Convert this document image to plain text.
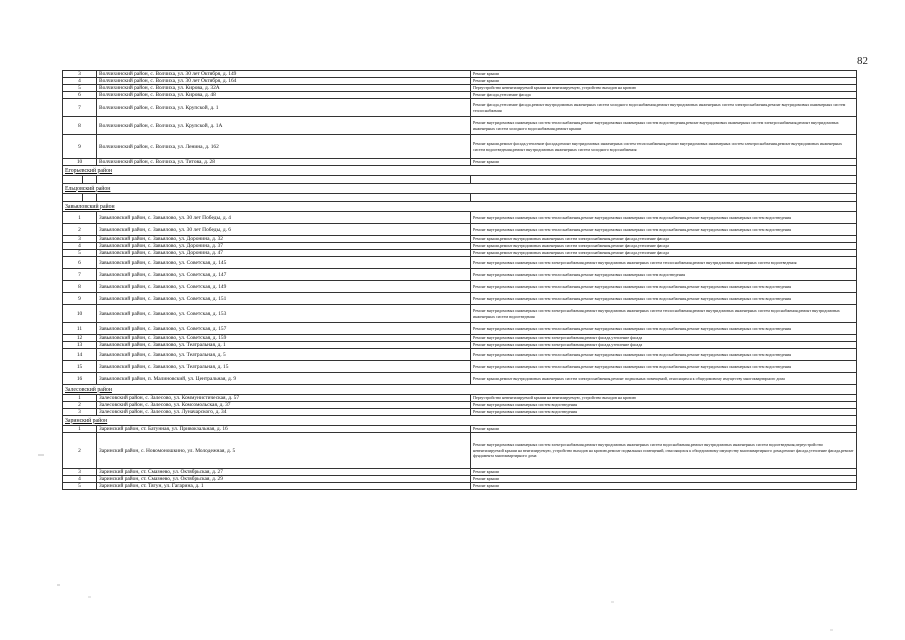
82
3		Волчихинский район, с. Волчиха, ул. 30 лет Октября, д. 149	Ремонт крыши
4		Волчихинский район, с. Волчиха, ул. 30 лет Октября, д. 164	Ремонт крыши
5		Волчихинский район, с. Волчиха, ул. Кирова, д. 32А	Переустройство невентилируемой крыши на вентилируемую, устройство выходов на кровлю
6		Волчихинский район, с. Волчиха, ул. Кирова, д. 48	Ремонт фасада,утепление фасада
7		Волчихинский район, с. Волчиха, ул. Крупской, д. 1	Ремонт фасада,утепление фасада,ремонт внутридомовых инженерных систем холодного водоснабжения,ремонт внутридомовых инженерных систем электроснабжения,ремонт внутридомовых инженерных систем теплоснабжения
8		Волчихинский район, с. Волчиха, ул. Крупской, д. 1А	Ремонт внутридомовых инженерных систем теплоснабжения,ремонт внутридомовых инженерных систем водоотведения,ремонт внутридомовых инженерных систем электроснабжения,ремонт внутридомовых инженерных систем холодного водоснабжения,ремонт крыши
9		Волчихинский район, с. Волчиха, ул. Ленина, д. 162	Ремонт крыши,ремонт фасада,утепление фасада,ремонт внутридомовых инженерных систем теплоснабжения,ремонт внутридомовых инженерных систем электроснабжения,ремонт внутридомовых инженерных систем водоотведения,ремонт внутридомовых инженерных систем холодного водоснабжения
10		Волчихинский район, с. Волчиха, ул. Титова, д. 28	Ремонт крыши
Егорьевский район			

Ельцовский район			

Завьяловский район			
1		Завьяловский район, с. Завьялово, ул. 30 лет Победы, д. 4	Ремонт внутридомовых инженерных систем теплоснабжения,ремонт внутридомовых инженерных систем водоснабжения,ремонт внутридомовых инженерных систем водоотведения
2		Завьяловский район, с. Завьялово, ул. 30 лет Победы, д. 6	Ремонт внутридомовых инженерных систем теплоснабжения,ремонт внутридомовых инженерных систем водоснабжения,ремонт внутридомовых инженерных систем водоотведения
3		Завьяловский район, с. Завьялово, ул. Доронина, д. 32	Ремонт крыши,ремонт внутридомовых инженерных систем электроснабжения,ремонт фасада,утепление фасада
4		Завьяловский район, с. Завьялово, ул. Доронина, д. 37	Ремонт крыши,ремонт внутридомовых инженерных систем электроснабжения,ремонт фасада,утепление фасада
5		Завьяловский район, с. Завьялово, ул. Доронина, д. 47	Ремонт крыши,ремонт внутридомовых инженерных систем электроснабжения,ремонт фасада,утепление фасада
6		Завьяловский район, с. Завьялово, ул. Советская, д. 145	Ремонт внутридомовых инженерных систем электроснабжения,ремонт внутридомовых инженерных систем теплоснабжения,ремонт внутридомовых инженерных систем водоотведения
7		Завьяловский район, с. Завьялово, ул. Советская, д. 147	Ремонт внутридомовых инженерных систем теплоснабжения,ремонт внутридомовых инженерных систем водоотведения
8		Завьяловский район, с. Завьялово, ул. Советская, д. 149	Ремонт внутридомовых инженерных систем теплоснабжения,ремонт внутридомовых инженерных систем водоснабжения,ремонт внутридомовых инженерных систем водоотведения
9		Завьяловский район, с. Завьялово, ул. Советская, д. 151	Ремонт внутридомовых инженерных систем теплоснабжения,ремонт внутридомовых инженерных систем водоснабжения,ремонт внутридомовых инженерных систем водоотведения
10		Завьяловский район, с. Завьялово, ул. Советская, д. 153	Ремонт внутридомовых инженерных систем электроснабжения,ремонт внутридомовых инженерных систем теплоснабжения,ремонт внутридомовых инженерных систем водоснабжения,ремонт внутридомовых инженерных систем водоотведения
11		Завьяловский район, с. Завьялово, ул. Советская, д. 157	Ремонт внутридомовых инженерных систем теплоснабжения,ремонт внутридомовых инженерных систем водоснабжения,ремонт внутридомовых инженерных систем водоотведения
12		Завьяловский район, с. Завьялово, ул. Советская, д. 159	Ремонт внутридомовых инженерных систем электроснабжения,ремонт фасада,утепление фасада
13		Завьяловский район, с. Завьялово, ул. Театральная, д. 1	Ремонт внутридомовых инженерных систем электроснабжения,ремонт фасада,утепление фасада
14		Завьяловский район, с. Завьялово, ул. Театральная, д. 5	Ремонт внутридомовых инженерных систем теплоснабжения,ремонт внутридомовых инженерных систем водоснабжения,ремонт внутридомовых инженерных систем водоотведения
15		Завьяловский район, с. Завьялово, ул. Театральная, д. 15	Ремонт внутридомовых инженерных систем теплоснабжения,ремонт внутридомовых инженерных систем водоснабжения,ремонт внутридомовых инженерных систем водоотведения
16		Завьяловский район, п. Малиновский, ул. Центральная, д. 9	Ремонт крыши,ремонт внутридомовых инженерных систем электроснабжения,ремонт подвальных помещений, относящихся к общедомовому имуществу многоквартирного дома
Залесовский район			
1		Залесовский район, с. Залесово, ул. Коммунистическая, д. 57	Переустройство невентилируемой крыши на вентилируемую, устройство выходов на кровлю
2		Залесовский район, с. Залесово, ул. Комсомольская, д. 37	Ремонт внутридомовых инженерных систем водоотведения
3		Залесовский район, с. Залесово, ул. Луначарского, д. 34	Ремонт внутридомовых инженерных систем водоотведения
Заринский район			
1		Заринский район, ст. Батунная, ул. Привокзальная, д. 16	Ремонт крыши
2		Заринский район, с. Новомоношкино, ул. Молодежная, д. 5	Ремонт внутридомовых инженерных систем электроснабжения,ремонт внутридомовых инженерных систем водоснабжения,ремонт внутридомовых инженерных систем водоотведения,переустройство невентилируемой крыши на вентилируемую, устройство выходов на кровлю,ремонт подвальных помещений, относящихся к общедомовому имуществу многоквартирного дома,ремонт фасада,утепление фасада,ремонт фундамента многоквартирного дома
3		Заринский район, ст. Смазнево, ул. Октябрьская, д. 27	Ремонт крыши
4		Заринский район, ст. Смазнево, ул. Октябрьская, д. 29	Ремонт крыши
5		Заринский район, ст. Тягун, ул. Гагарина, д. 1	Ремонт крыши
